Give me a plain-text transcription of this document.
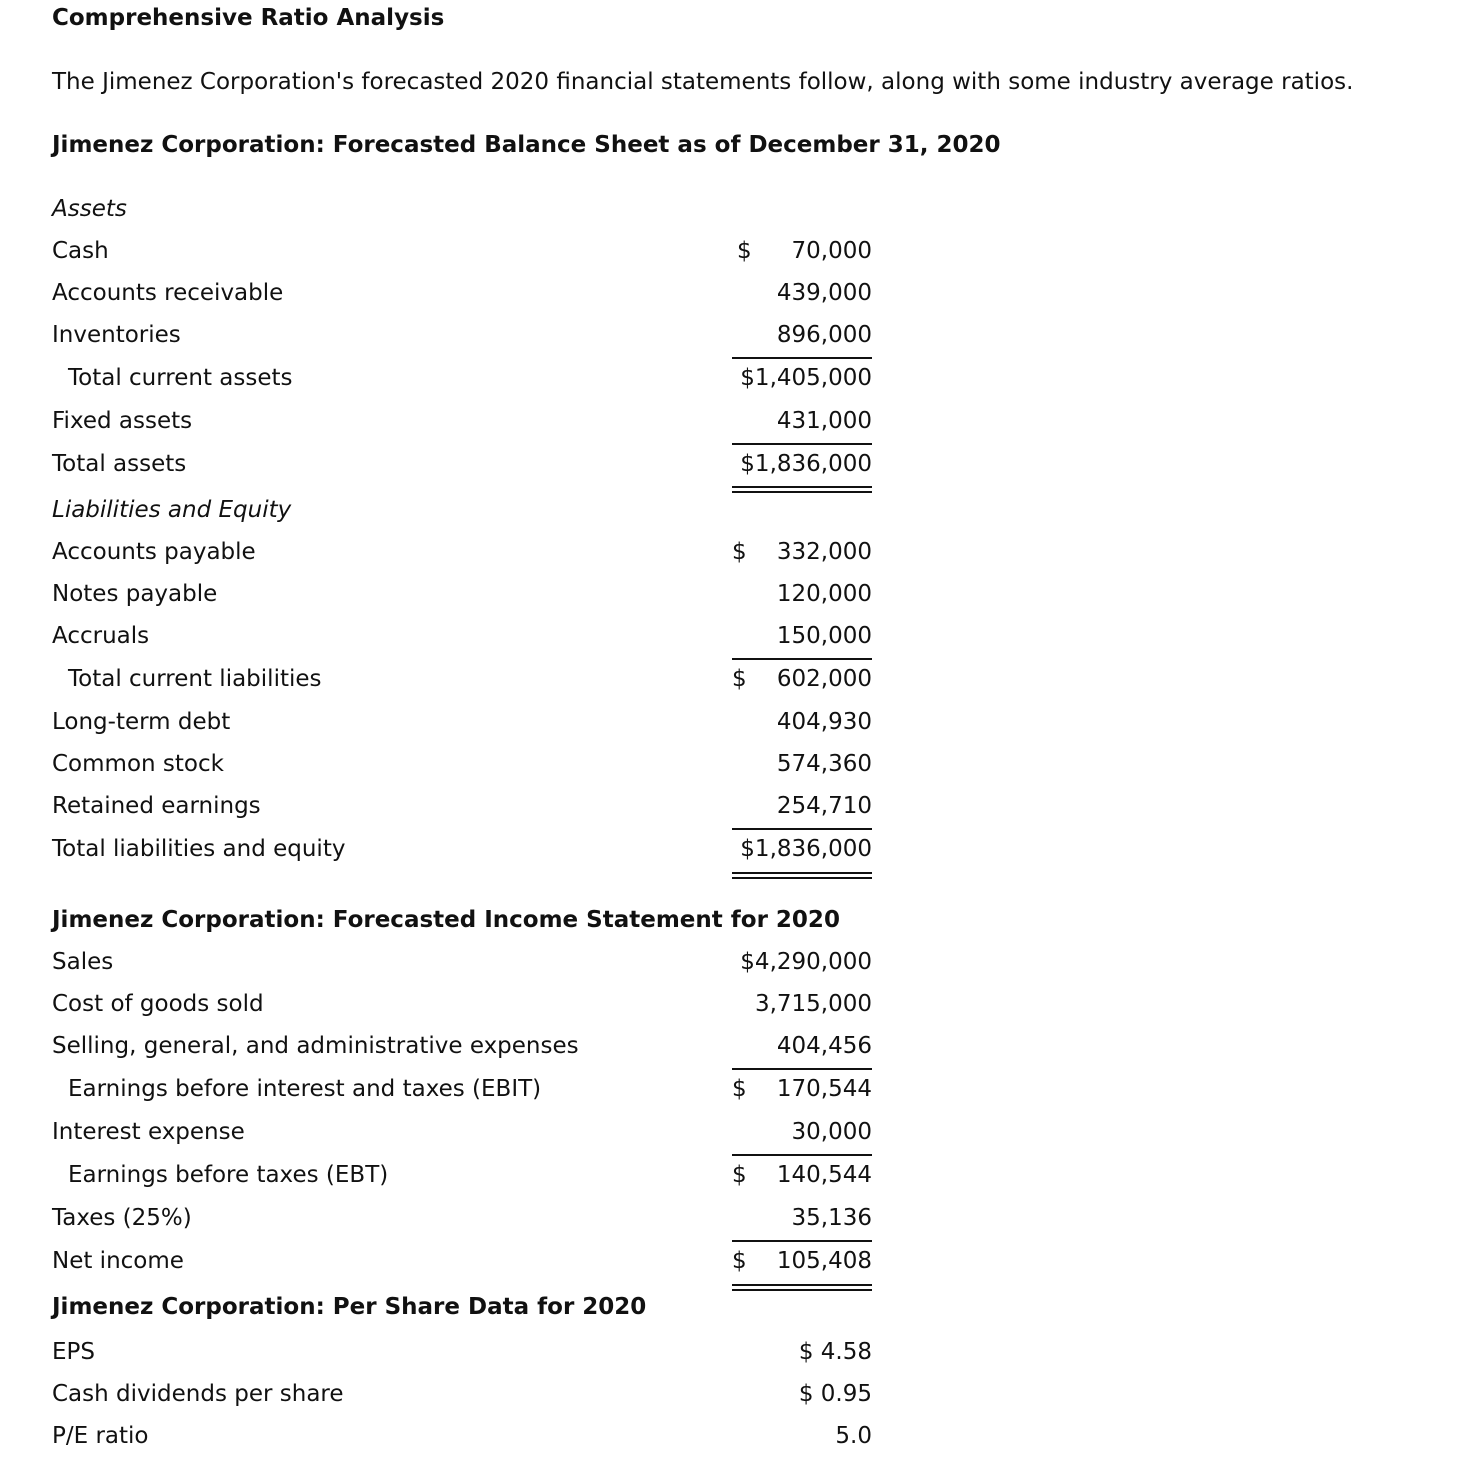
Comprehensive Ratio Analysis
The Jimenez Corporation's forecasted 2020 financial statements follow, along with some industry average ratios.
Jimenez Corporation: Forecasted Balance Sheet as of December 31, 2020
Assets
Cash	$ 70,000
Accounts receivable	439,000
Inventories	896,000
Total current assets	$1,405,000
Fixed assets	431,000
Total assets	$1,836,000
Liabilities and Equity
Accounts payable	$ 332,000
Notes payable	120,000
Accruals	150,000
Total current liabilities	$ 602,000
Long-term debt	404,930
Common stock	574,360
Retained earnings	254,710
Total liabilities and equity	$1,836,000
Jimenez Corporation: Forecasted Income Statement for 2020
Sales	$4,290,000
Cost of goods sold	3,715,000
Selling, general, and administrative expenses	404,456
Earnings before interest and taxes (EBIT)	$ 170,544
Interest expense	30,000
Earnings before taxes (EBT)	$ 140,544
Taxes (25%)	35,136
Net income	$ 105,408
Jimenez Corporation: Per Share Data for 2020
EPS	$ 4.58
Cash dividends per share	$ 0.95
P/E ratio	5.0
